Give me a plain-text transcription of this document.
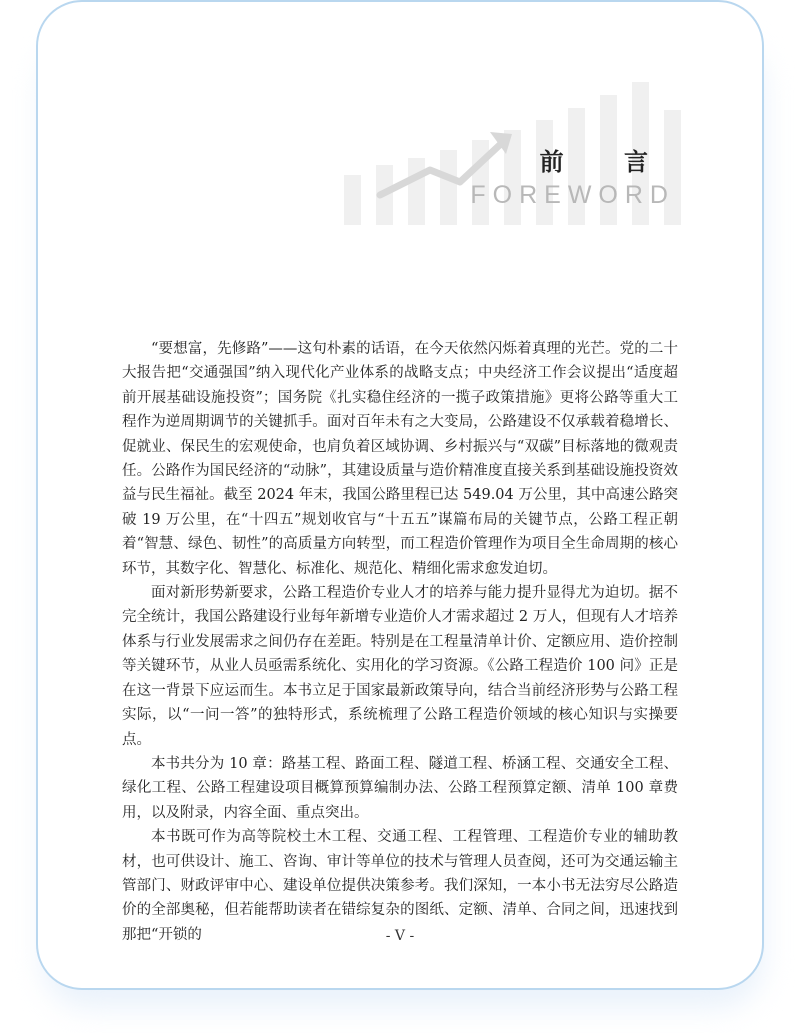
前 言
FOREWORD

“要想富，先修路”——这句朴素的话语，在今天依然闪烁着真理的光芒。党的二十大报告把“交通强国”纳入现代化产业体系的战略支点；中央经济工作会议提出“适度超前开展基础设施投资”；国务院《扎实稳住经济的一揽子政策措施》更将公路等重大工程作为逆周期调节的关键抓手。面对百年未有之大变局，公路建设不仅承载着稳增长、促就业、保民生的宏观使命，也肩负着区域协调、乡村振兴与“双碳”目标落地的微观责任。公路作为国民经济的“动脉”，其建设质量与造价精准度直接关系到基础设施投资效益与民生福祉。截至 2024 年末，我国公路里程已达 549.04 万公里，其中高速公路突破 19 万公里，在“十四五”规划收官与“十五五”谋篇布局的关键节点，公路工程正朝着“智慧、绿色、韧性”的高质量方向转型，而工程造价管理作为项目全生命周期的核心环节，其数字化、智慧化、标准化、规范化、精细化需求愈发迫切。

面对新形势新要求，公路工程造价专业人才的培养与能力提升显得尤为迫切。据不完全统计，我国公路建设行业每年新增专业造价人才需求超过 2 万人，但现有人才培养体系与行业发展需求之间仍存在差距。特别是在工程量清单计价、定额应用、造价控制等关键环节，从业人员亟需系统化、实用化的学习资源。《公路工程造价 100 问》正是在这一背景下应运而生。本书立足于国家最新政策导向，结合当前经济形势与公路工程实际，以“一问一答”的独特形式，系统梳理了公路工程造价领域的核心知识与实操要点。

本书共分为 10 章：路基工程、路面工程、隧道工程、桥涵工程、交通安全工程、绿化工程、公路工程建设项目概算预算编制办法、公路工程预算定额、清单 100 章费用，以及附录，内容全面、重点突出。

本书既可作为高等院校土木工程、交通工程、工程管理、工程造价专业的辅助教材，也可供设计、施工、咨询、审计等单位的技术与管理人员查阅，还可为交通运输主管部门、财政评审中心、建设单位提供决策参考。我们深知，一本小书无法穷尽公路造价的全部奥秘，但若能帮助读者在错综复杂的图纸、定额、清单、合同之间，迅速找到那把“开锁的	- V -
